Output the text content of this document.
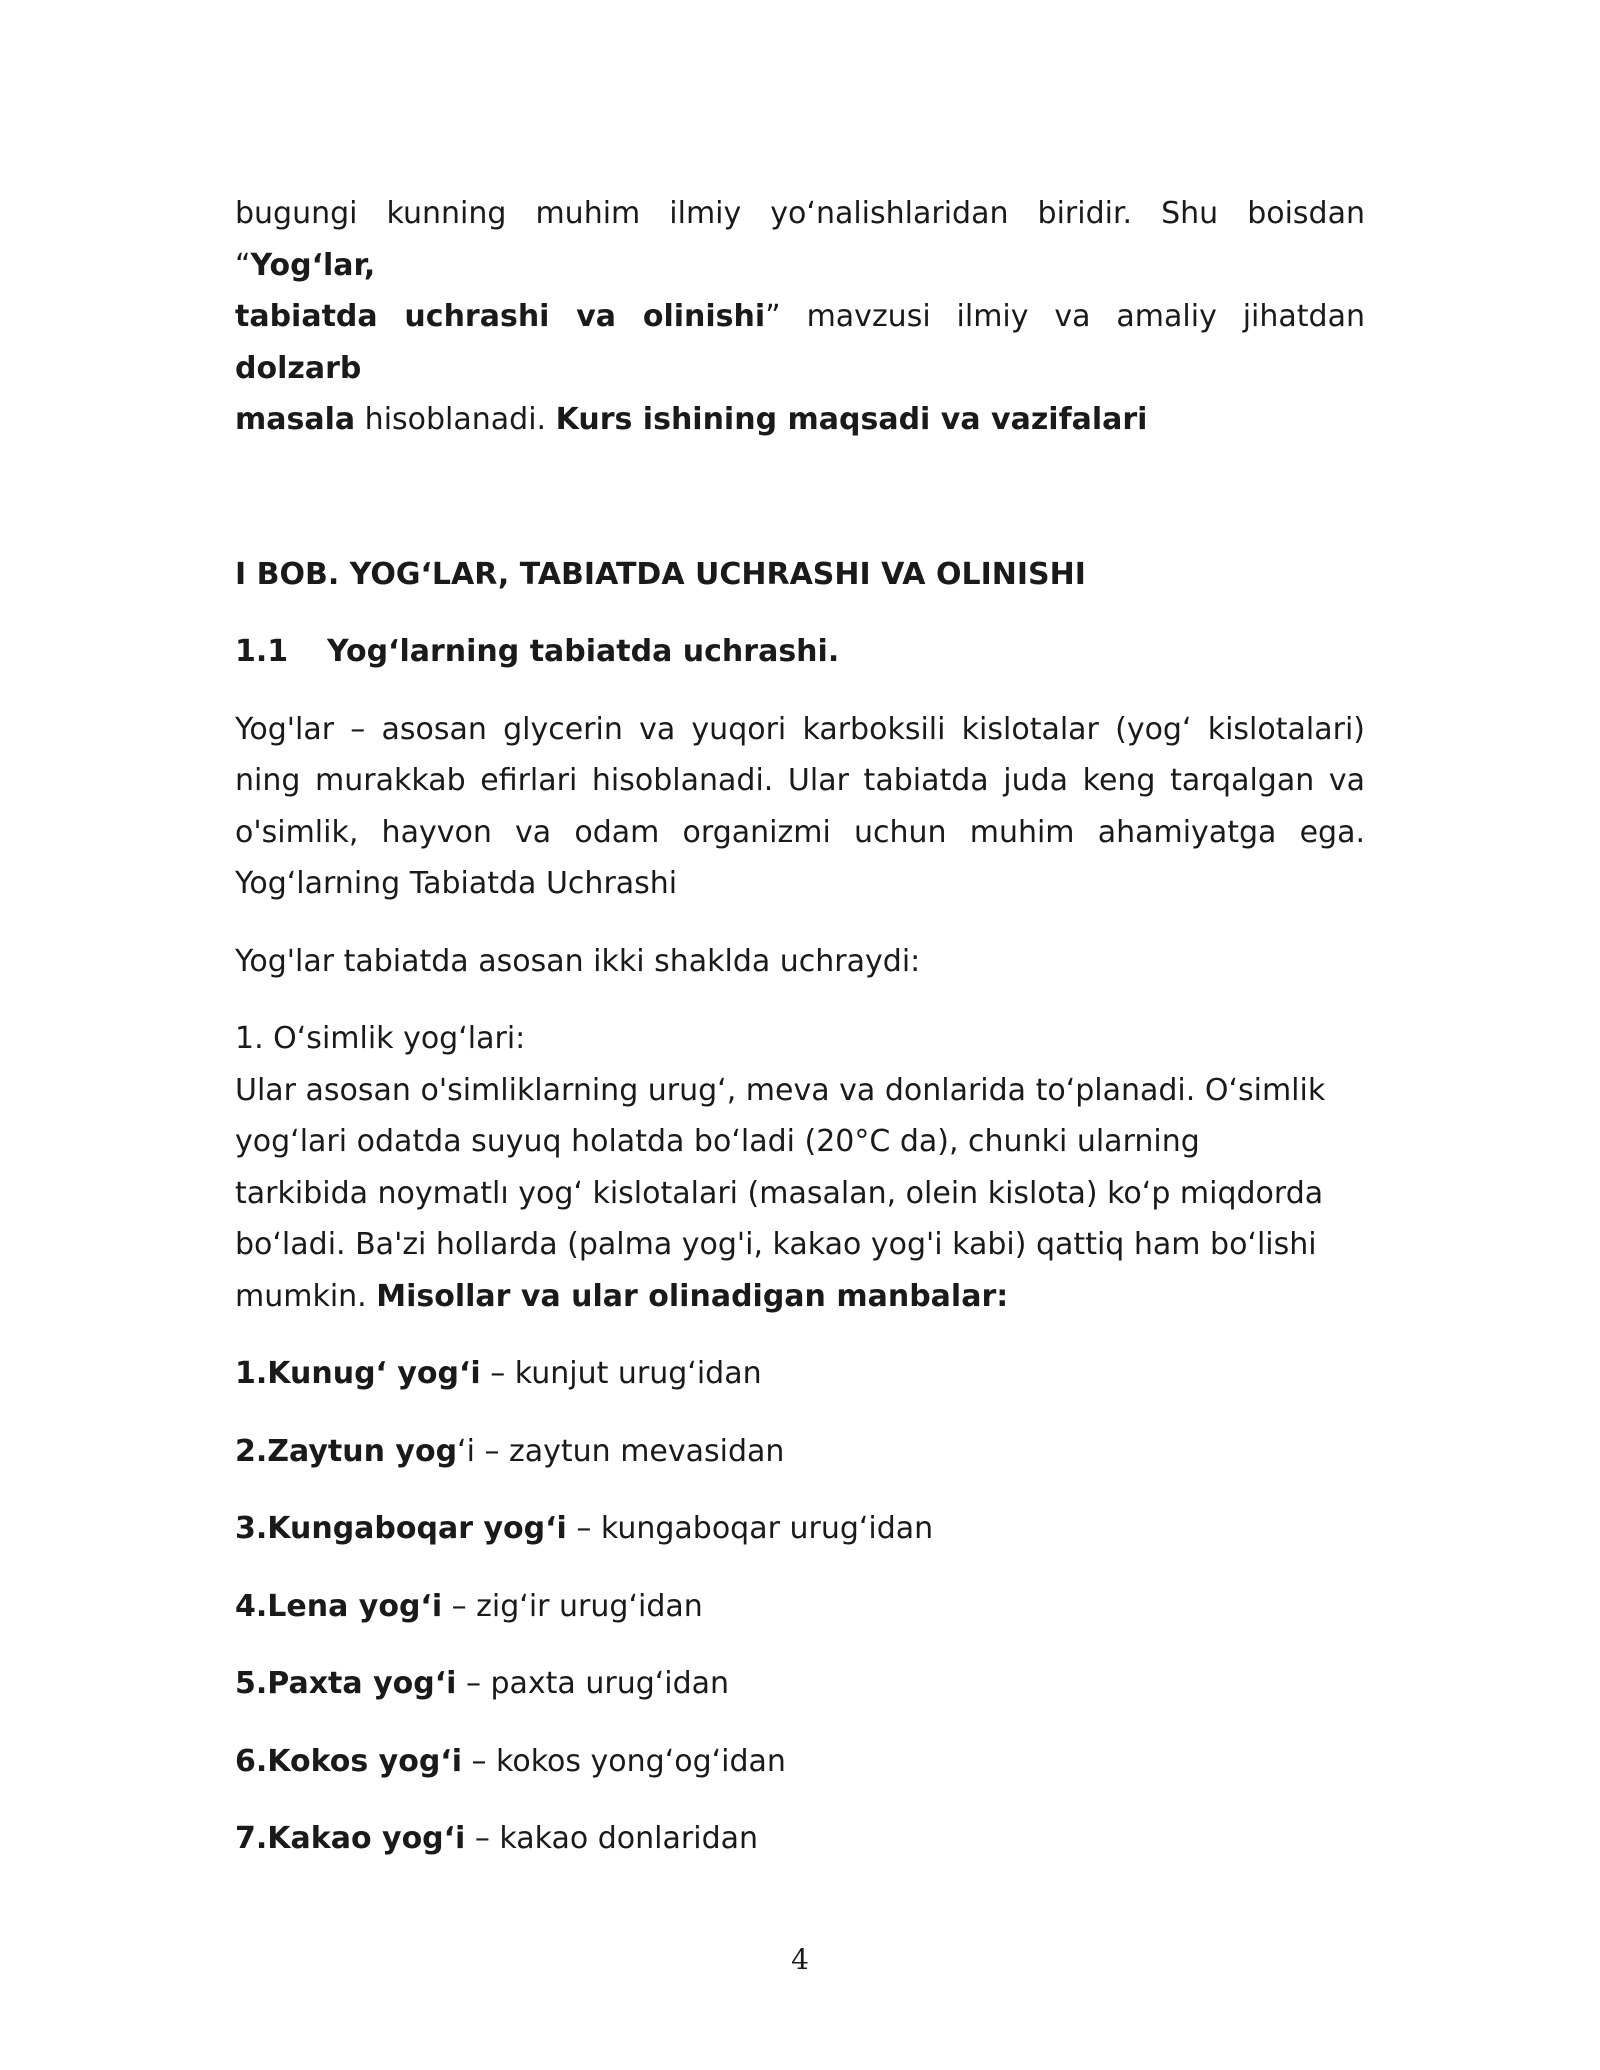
bugungi kunning muhim ilmiy yoʻnalishlaridan biridir. Shu boisdan “Yog‘lar,

tabiatda uchrashi va olinishi” mavzusi ilmiy va amaliy jihatdan dolzarb

masala hisoblanadi. Kurs ishining maqsadi va vazifalari

I BOB. YOG‘LAR, TABIATDA UCHRASHI VA OLINISHI

1.1 Yog‘larning tabiatda uchrashi.

Yog'lar – asosan glycerin va yuqori karboksili kislotalar (yog‘ kislotalari)

ning murakkab efirlari hisoblanadi. Ular tabiatda juda keng tarqalgan va

o'simlik, hayvon va odam organizmi uchun muhim ahamiyatga ega.

Yog‘larning Tabiatda Uchrashi

Yog'lar tabiatda asosan ikki shaklda uchraydi:

1. O‘simlik yog‘lari:

Ular asosan o'simliklarning urug‘, meva va donlarida to‘planadi. O‘simlik

yog‘lari odatda suyuq holatda bo‘ladi (20°C da), chunki ularning

tarkibida noymatlı yog‘ kislotalari (masalan, olein kislota) ko‘p miqdorda

bo‘ladi. Ba'zi hollarda (palma yog'i, kakao yog'i kabi) qattiq ham bo‘lishi

mumkin. Misollar va ular olinadigan manbalar:

1.Kunug‘ yog‘i – kunjut urug‘idan

2.Zaytun yog‘i – zaytun mevasidan

3.Kungaboqar yog‘i – kungaboqar urug‘idan

4.Lena yog‘i – zig‘ir urug‘idan

5.Paxta yog‘i – paxta urug‘idan

6.Kokos yog‘i – kokos yong‘og‘idan

7.Kakao yog‘i – kakao donlaridan

4
